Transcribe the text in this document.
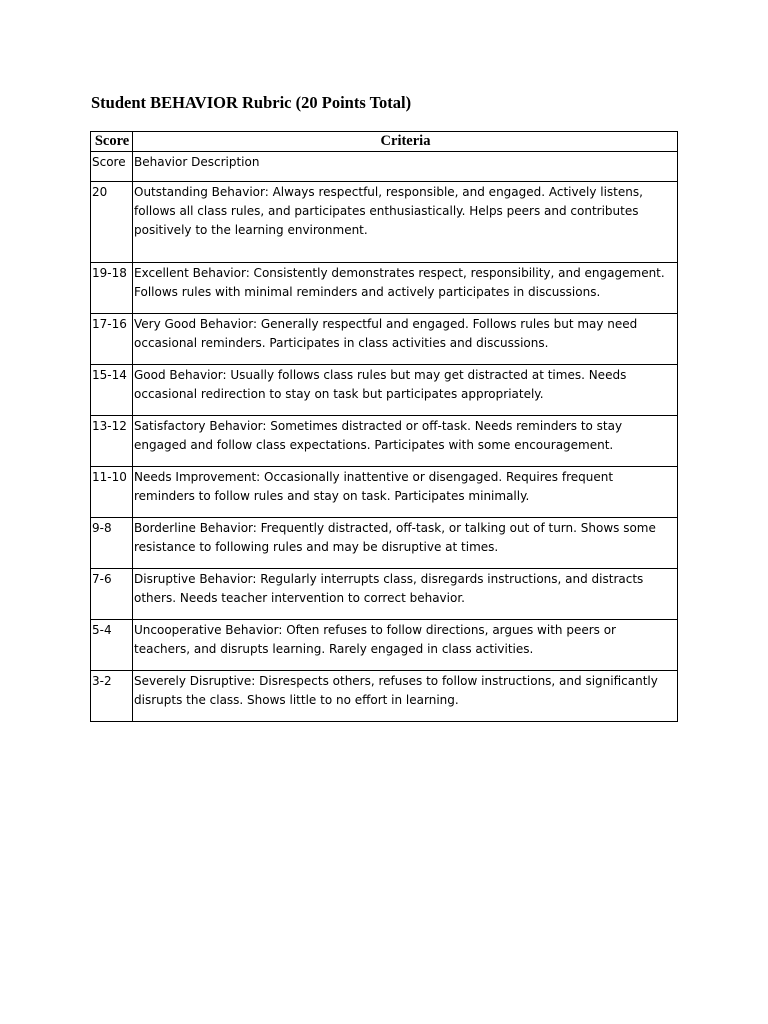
Student BEHAVIOR Rubric (20 Points Total)
Score	Criteria
Score	Behavior Description
20	Outstanding Behavior: Always respectful, responsible, and engaged. Actively listens, follows all class rules, and participates enthusiastically. Helps peers and contributes positively to the learning environment.
19-18	Excellent Behavior: Consistently demonstrates respect, responsibility, and engagement. Follows rules with minimal reminders and actively participates in discussions.
17-16	Very Good Behavior: Generally respectful and engaged. Follows rules but may need occasional reminders. Participates in class activities and discussions.
15-14	Good Behavior: Usually follows class rules but may get distracted at times. Needs occasional redirection to stay on task but participates appropriately.
13-12	Satisfactory Behavior: Sometimes distracted or off-task. Needs reminders to stay engaged and follow class expectations. Participates with some encouragement.
11-10	Needs Improvement: Occasionally inattentive or disengaged. Requires frequent reminders to follow rules and stay on task. Participates minimally.
9-8	Borderline Behavior: Frequently distracted, off-task, or talking out of turn. Shows some resistance to following rules and may be disruptive at times.
7-6	Disruptive Behavior: Regularly interrupts class, disregards instructions, and distracts others. Needs teacher intervention to correct behavior.
5-4	Uncooperative Behavior: Often refuses to follow directions, argues with peers or teachers, and disrupts learning. Rarely engaged in class activities.
3-2	Severely Disruptive: Disrespects others, refuses to follow instructions, and significantly disrupts the class. Shows little to no effort in learning.
